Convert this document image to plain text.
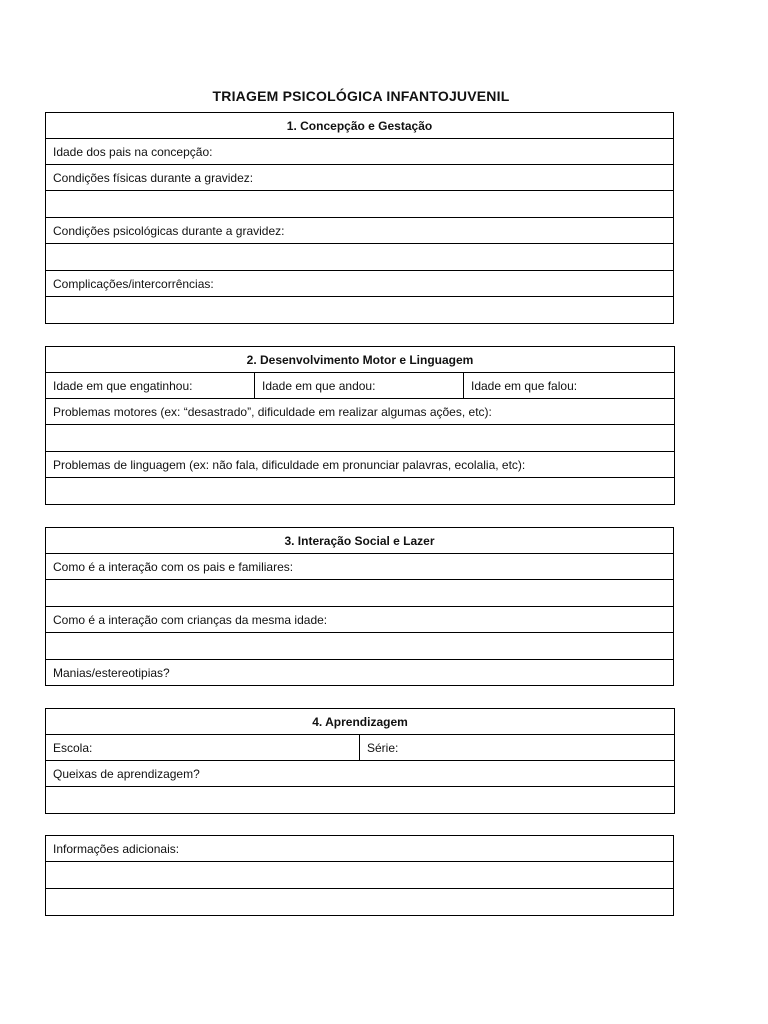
TRIAGEM PSICOLÓGICA INFANTOJUVENIL
1. Concepção e Gestação
Idade dos pais na concepção:
Condições físicas durante a gravidez:

Condições psicológicas durante a gravidez:

Complicações/intercorrências:

2. Desenvolvimento Motor e Linguagem
Idade em que engatinhou:	Idade em que andou:	Idade em que falou:
Problemas motores (ex: “desastrado”, dificuldade em realizar algumas ações, etc):

Problemas de linguagem (ex: não fala, dificuldade em pronunciar palavras, ecolalia, etc):

3. Interação Social e Lazer
Como é a interação com os pais e familiares:

Como é a interação com crianças da mesma idade:

Manias/estereotipias?
4. Aprendizagem
Escola:	Série:
Queixas de aprendizagem?

Informações adicionais:
